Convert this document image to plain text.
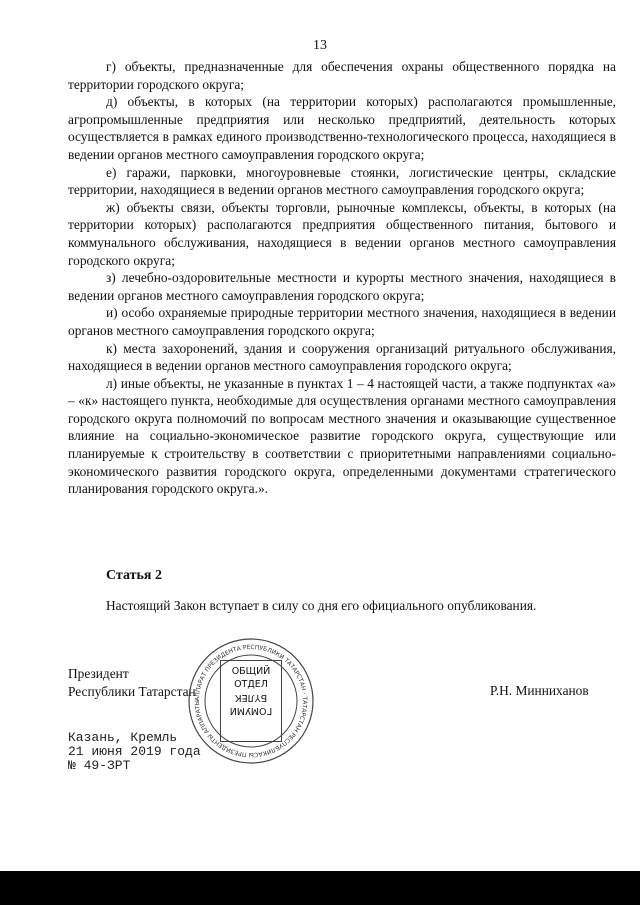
13

г) объекты, предназначенные для обеспечения охраны общественного порядка на территории городского округа;

д) объекты, в которых (на территории которых) располагаются промышленные, агропромышленные предприятия или несколько предприятий, деятельность которых осуществляется в рамках единого производственно-технологического процесса, находящиеся в ведении органов местного самоуправления городского округа;

е) гаражи, парковки, многоуровневые стоянки, логистические центры, складские территории, находящиеся в ведении органов местного самоуправления городского округа;

ж) объекты связи, объекты торговли, рыночные комплексы, объекты, в которых (на территории которых) располагаются предприятия общественного питания, бытового и коммунального обслуживания, находящиеся в ведении органов местного самоуправления городского округа;

з) лечебно-оздоровительные местности и курорты местного значения, находящиеся в ведении органов местного самоуправления городского округа;

и) особо охраняемые природные территории местного значения, находящиеся в ведении органов местного самоуправления городского округа;

к) места захоронений, здания и сооружения организаций ритуального обслуживания, находящиеся в ведении органов местного самоуправления городского округа;

л) иные объекты, не указанные в пунктах 1 – 4 настоящей части, а также подпунктах «а» – «к» настоящего пункта, необходимые для осуществления органами местного самоуправления городского округа полномочий по вопросам местного значения и оказывающие существенное влияние на социально-экономическое развитие городского округа, существующие или планируемые к строительству в соответствии с приоритетными направлениями социально-экономического развития городского округа, определенными документами стратегического планирования городского округа.».

Статья 2
Настоящий Закон вступает в силу со дня его официального опубликования.
Президент
Республики Татарстан	Р.Н. Минниханов
АППАРАТ ПРЕЗИДЕНТА РЕСПУБЛИКИ ТАТАРСТАН · ТАТАРСТАН РЕСПУБЛИКАСЫ ПРЕЗИДЕНТЫ АППАРАТЫ
ОБЩИЙ
ОТДЕЛ

БҮЛЕК
ГОМУМИ
Казань, Кремль
21 июня 2019 года
№ 49-ЗРТ
